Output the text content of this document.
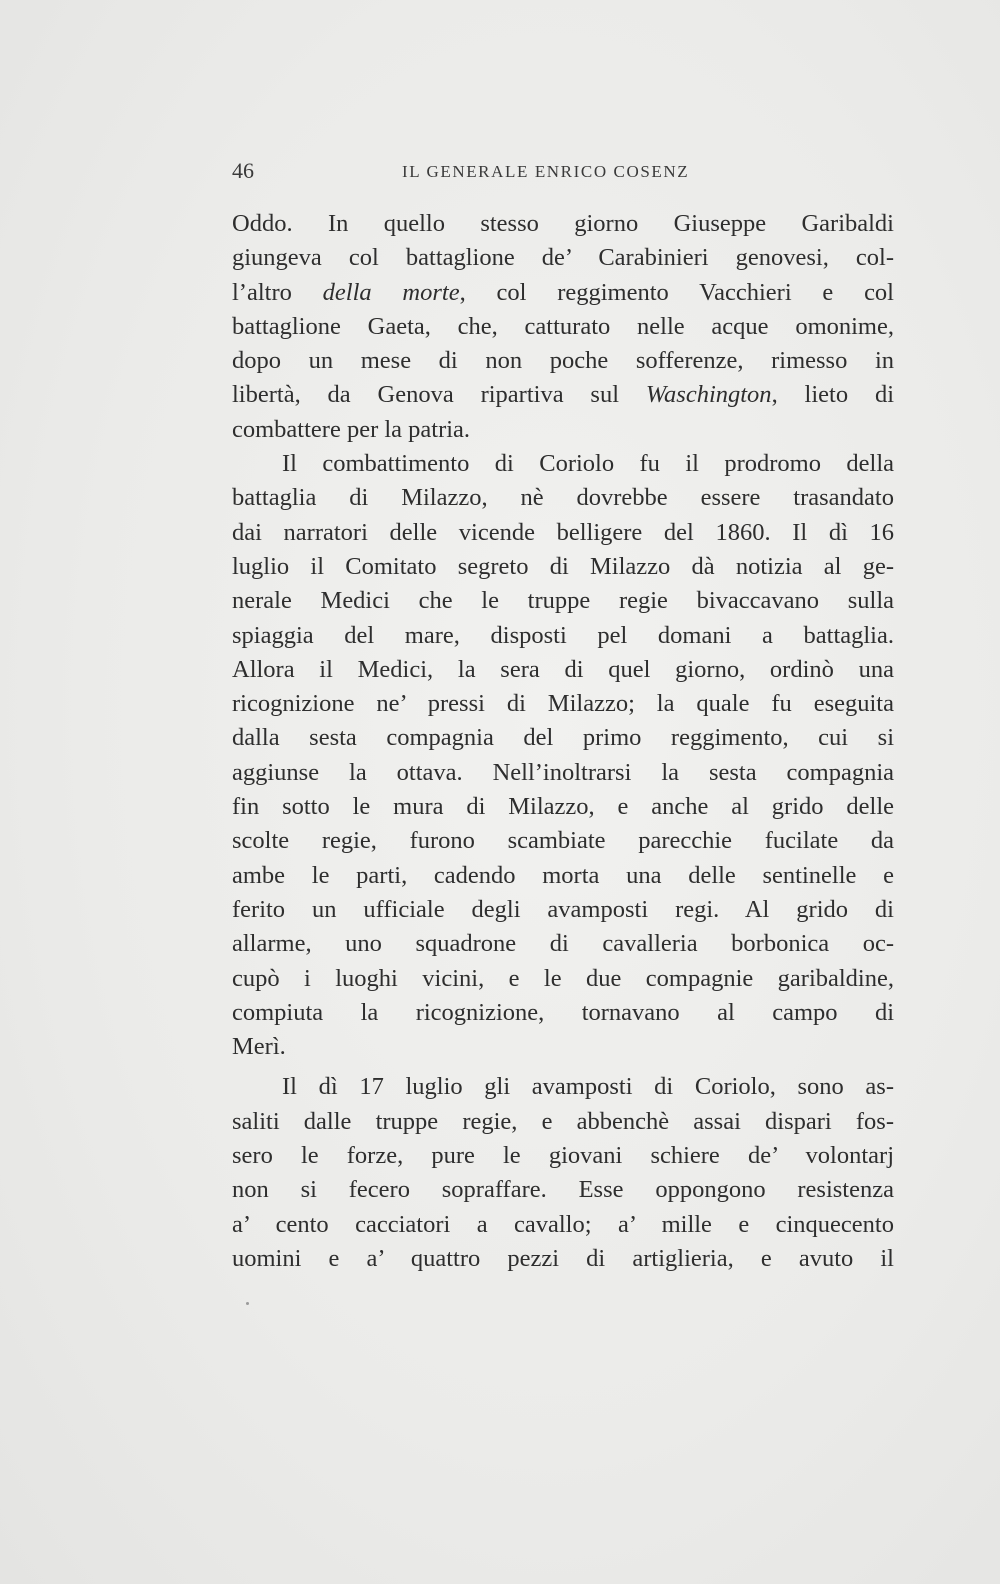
46	IL GENERALE ENRICO COSENZ
Oddo. In quello stesso giorno Giuseppe Garibaldi
giungeva col battaglione de’ Carabinieri genovesi, col-
l’altro della morte, col reggimento Vacchieri e col
battaglione Gaeta, che, catturato nelle acque omonime,
dopo un mese di non poche sofferenze, rimesso in
libertà, da Genova ripartiva sul Waschington, lieto di
combattere per la patria.
Il combattimento di Coriolo fu il prodromo della
battaglia di Milazzo, nè dovrebbe essere trasandato
dai narratori delle vicende belligere del 1860. Il dì 16
luglio il Comitato segreto di Milazzo dà notizia al ge-
nerale Medici che le truppe regie bivaccavano sulla
spiaggia del mare, disposti pel domani a battaglia.
Allora il Medici, la sera di quel giorno, ordinò una
ricognizione ne’ pressi di Milazzo; la quale fu eseguita
dalla sesta compagnia del primo reggimento, cui si
aggiunse la ottava. Nell’inoltrarsi la sesta compagnia
fin sotto le mura di Milazzo, e anche al grido delle
scolte regie, furono scambiate parecchie fucilate da
ambe le parti, cadendo morta una delle sentinelle e
ferito un ufficiale degli avamposti regi. Al grido di
allarme, uno squadrone di cavalleria borbonica oc-
cupò i luoghi vicini, e le due compagnie garibaldine,
compiuta la ricognizione, tornavano al campo di
Merì.
Il dì 17 luglio gli avamposti di Coriolo, sono as-
saliti dalle truppe regie, e abbenchè assai dispari fos-
sero le forze, pure le giovani schiere de’ volontarj
non si fecero sopraffare. Esse oppongono resistenza
a’ cento cacciatori a cavallo; a’ mille e cinquecento
uomini e a’ quattro pezzi di artiglieria, e avuto il
